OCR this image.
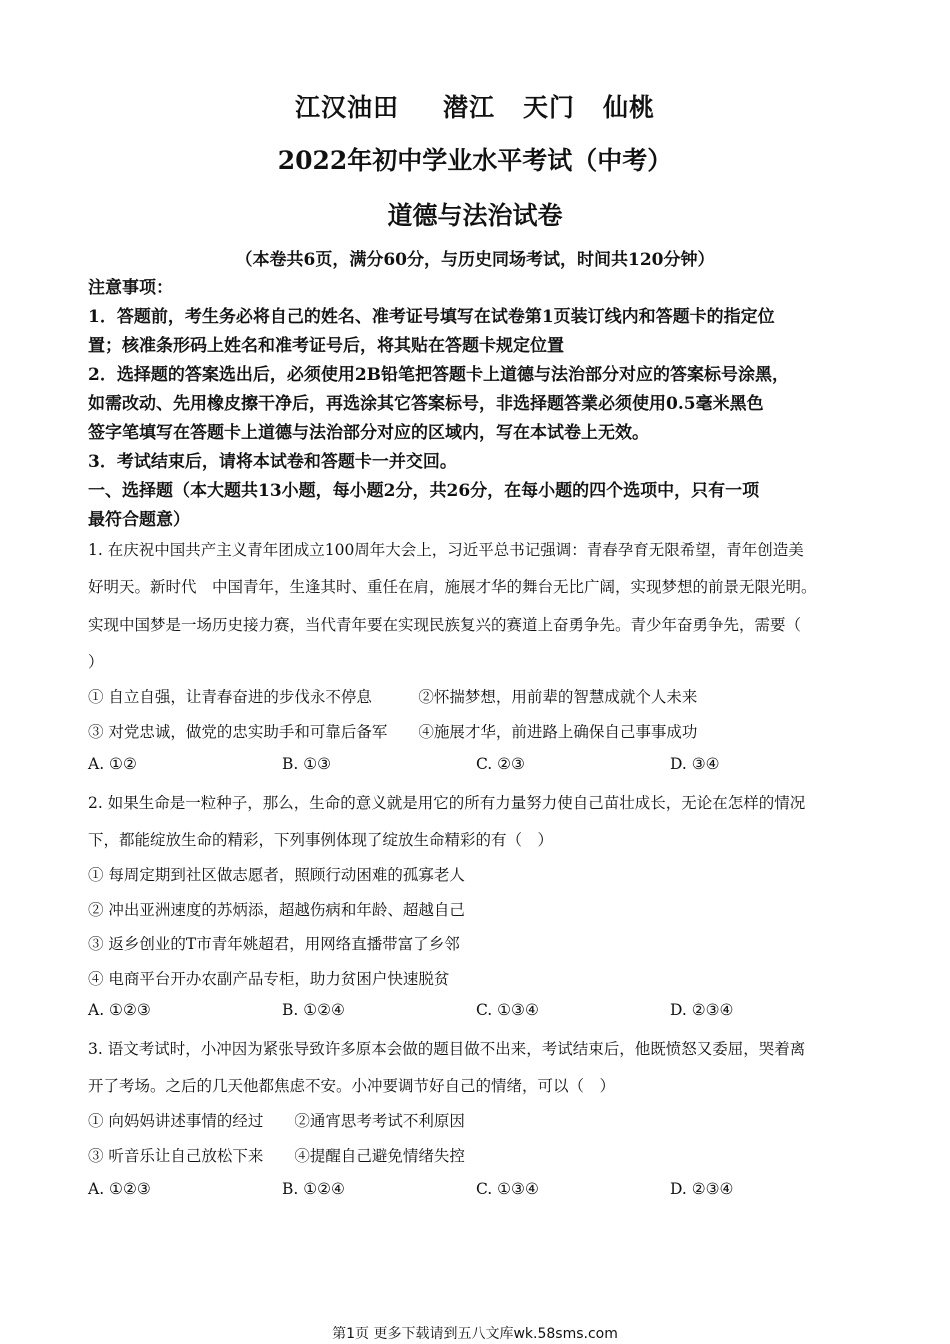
江汉油田 潜江 天门 仙桃
2022年初中学业水平考试（中考）
道德与法治试卷
（本卷共6页，满分60分，与历史同场考试，时间共120分钟）
注意事项：
1．答题前，考生务必将自己的姓名、准考证号填写在试卷第1页装订线内和答题卡的指定位
置；核准条形码上姓名和准考证号后，将其贴在答题卡规定位置
2．选择题的答案选出后，必须使用2B铅笔把答题卡上道德与法治部分对应的答案标号涂黑，
如需改动、先用橡皮擦干净后，再选涂其它答案标号，非选择题答業必须使用0.5毫米黑色
签字笔填写在答题卡上道德与法治部分对应的区域内，写在本试卷上无效。
3．考试结束后，请将本试卷和答题卡一并交回。
一、选择题（本大题共13小题，每小题2分，共26分，在每小题的四个选项中，只有一项
最符合题意）
1. 在庆祝中国共产主义青年团成立100周年大会上，习近平总书记强调：青春孕育无限希望，青年创造美
好明天。新时代　中国青年，生逢其时、重任在肩，施展才华的舞台无比广阔，实现梦想的前景无限光明。
实现中国梦是一场历史接力赛，当代青年要在实现民族复兴的赛道上奋勇争先。青少年奋勇争先，需要（
）
① 自立自强，让青春奋进的步伐永不停息　　　②怀揣梦想，用前辈的智慧成就个人未来
③ 对党忠诚，做党的忠实助手和可靠后备军　　④施展才华，前进路上确保自己事事成功
A. ①②	B. ①③	C. ②③	D. ③④
2. 如果生命是一粒种子，那么，生命的意义就是用它的所有力量努力使自己苗壮成长，无论在怎样的情况
下，都能绽放生命的精彩，下列事例体现了绽放生命精彩的有（　）
① 每周定期到社区做志愿者，照顾行动困难的孤寡老人
② 冲出亚洲速度的苏炳添，超越伤病和年龄、超越自己
③ 返乡创业的T市青年姚超君，用网络直播带富了乡邻
④ 电商平台开办农副产品专柜，助力贫困户快速脱贫
A. ①②③	B. ①②④	C. ①③④	D. ②③④
3. 语文考试时，小冲因为紧张导致许多原本会做的题目做不出来，考试结束后，他既愤怒又委屈，哭着离
开了考场。之后的几天他都焦虑不安。小冲要调节好自己的情绪，可以（　）
① 向妈妈讲述事情的经过　　②通宵思考考试不利原因
③ 听音乐让自己放松下来　　④提醒自己避免情绪失控
A. ①②③	B. ①②④	C. ①③④	D. ②③④
第1页 更多下载请到五八文库wk.58sms.com
